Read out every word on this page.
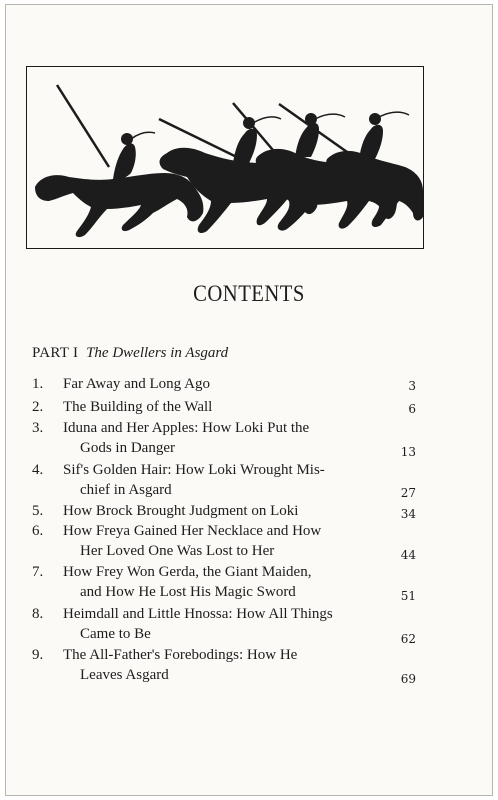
CONTENTS
PART I The Dwellers in Asgard
1.	Far Away and Long Ago	3
2.	The Building of the Wall	6
3.	Iduna and Her Apples: How Loki Put the
Gods in Danger	13
4.	Sif's Golden Hair: How Loki Wrought Mis-
chief in Asgard	27
5.	How Brock Brought Judgment on Loki	34
6.	How Freya Gained Her Necklace and How
Her Loved One Was Lost to Her	44
7.	How Frey Won Gerda, the Giant Maiden,
and How He Lost His Magic Sword	51
8.	Heimdall and Little Hnossa: How All Things
Came to Be	62
9.	The All-Father's Forebodings: How He
Leaves Asgard	69
